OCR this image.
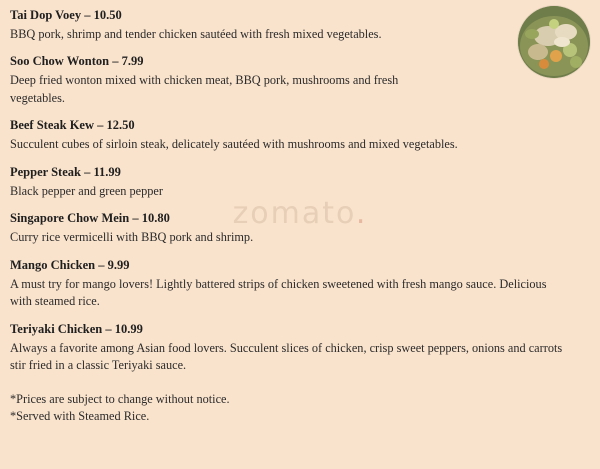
zomato.

Tai Dop Voey – 10.50

BBQ pork, shrimp and tender chicken sautéed with fresh mixed vegetables.

Soo Chow Wonton – 7.99

Deep fried wonton mixed with chicken meat, BBQ pork, mushrooms and fresh vegetables.

Beef Steak Kew – 12.50

Succulent cubes of sirloin steak, delicately sautéed with mushrooms and mixed vegetables.

Pepper Steak – 11.99

Black pepper and green pepper

Singapore Chow Mein – 10.80

Curry rice vermicelli with BBQ pork and shrimp.

Mango Chicken – 9.99

A must try for mango lovers! Lightly battered strips of chicken sweetened with fresh mango sauce. Delicious with steamed rice.

Teriyaki Chicken – 10.99

Always a favorite among Asian food lovers. Succulent slices of chicken, crisp sweet peppers, onions and carrots stir fried in a classic Teriyaki sauce.

*Prices are subject to change without notice.

*Served with Steamed Rice.
